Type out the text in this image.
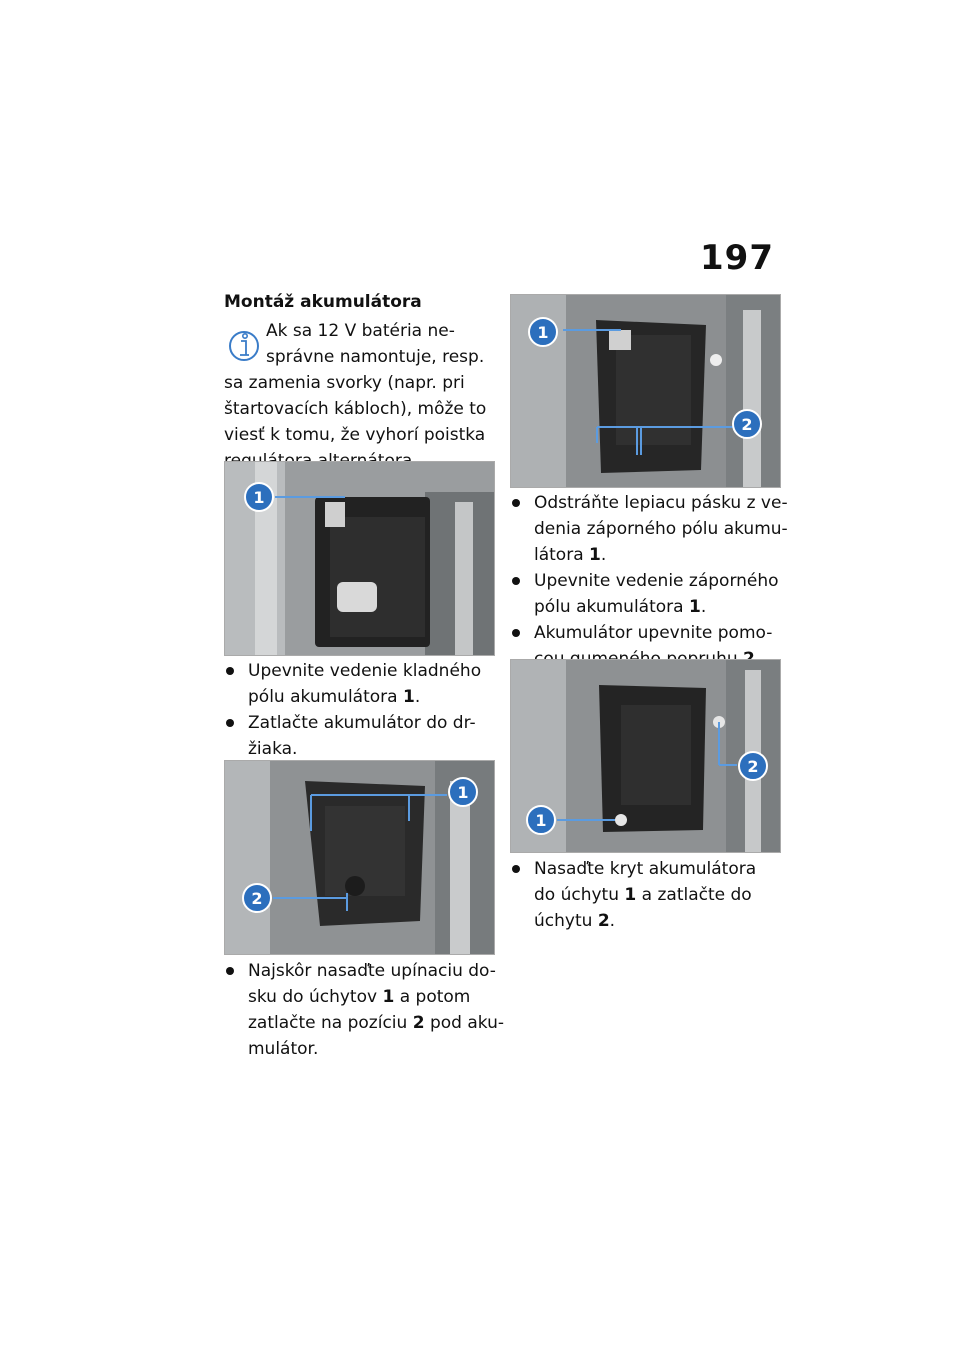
197
Montáž akumulátora
Ak sa 12 V batéria ne-
správne namontuje, resp.
sa zamenia svorky (napr. pri
štartovacích kábloch), môže to
viesť k tomu, že vyhorí poistka
1
Upevnite vedenie kladného
pólu akumulátora 1.
Zatlačte akumulátor do dr-
žiaka.
1
2
Najskôr nasaďte upínaciu do-
sku do úchytov 1 a potom
zatlačte na pozíciu 2 pod aku-
mulátor.
1
2
Odstráňte lepiacu pásku z ve-
denia záporného pólu akumu-
látora 1.
Upevnite vedenie záporného
pólu akumulátora 1.
Akumulátor upevnite pomo-
2
1
Nasaďte kryt akumulátora
do úchytu 1 a zatlačte do
úchytu 2.
